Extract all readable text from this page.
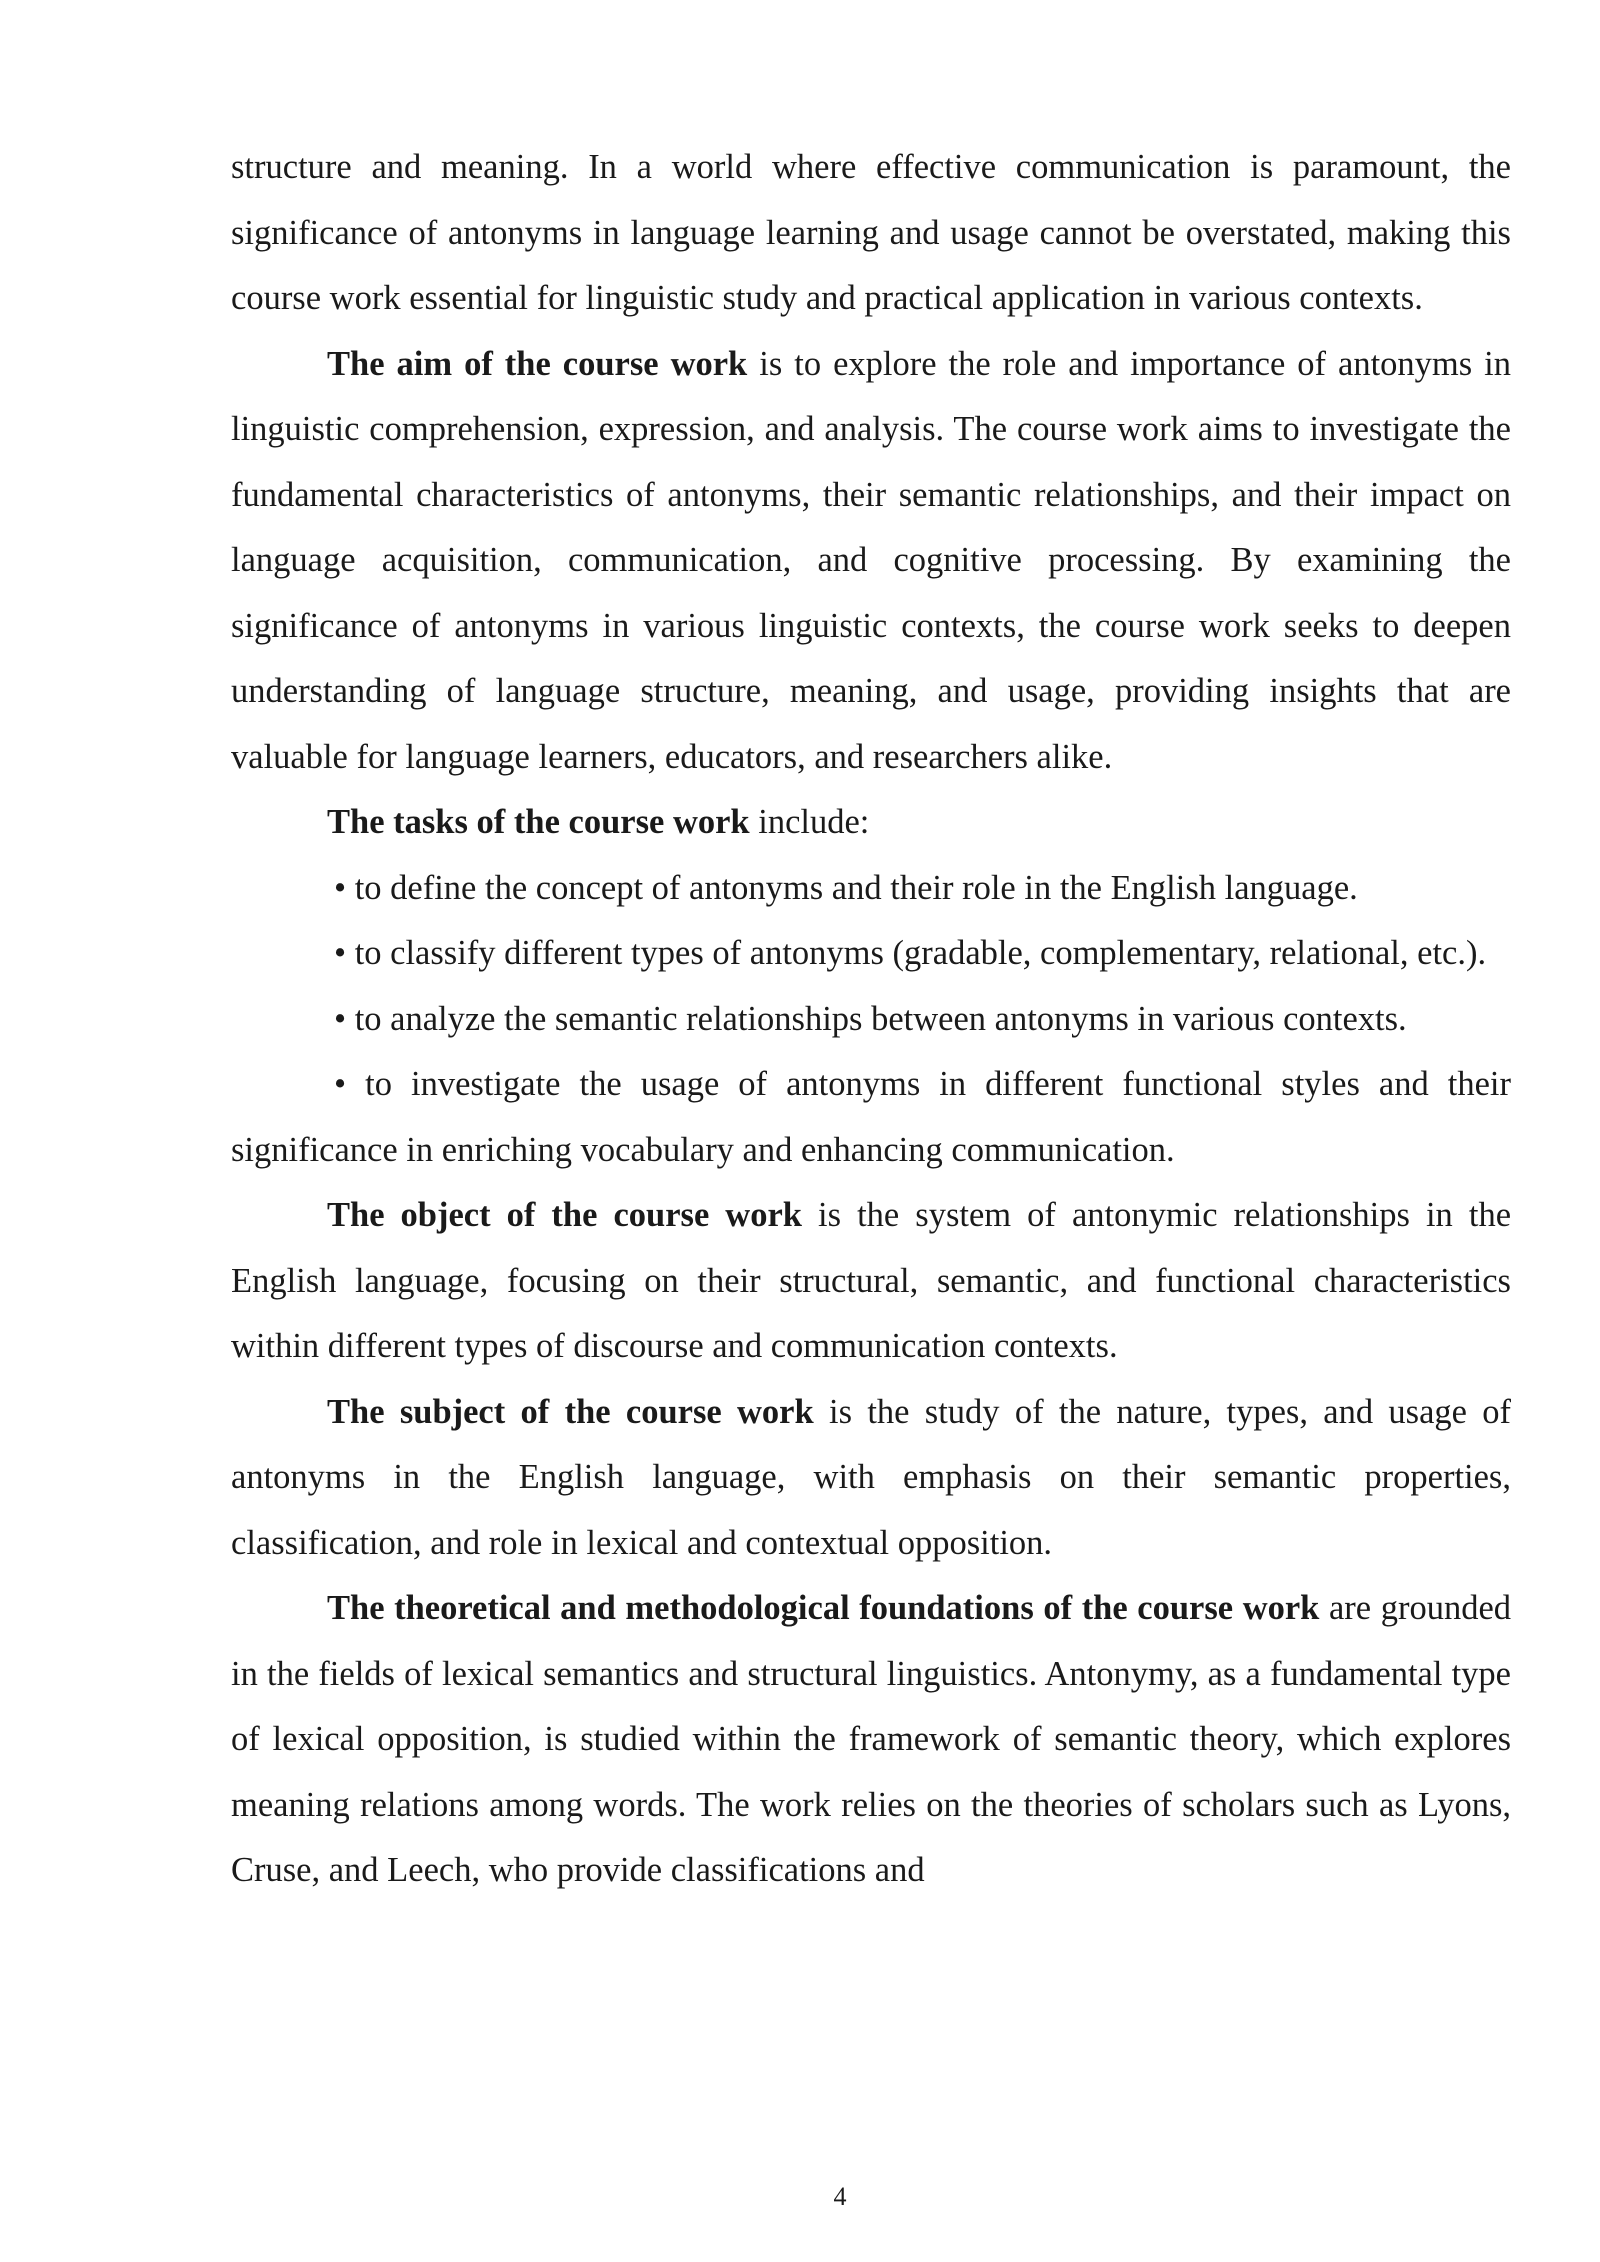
structure and meaning. In a world where effective communication is paramount, the significance of antonyms in language learning and usage cannot be overstated, making this course work essential for linguistic study and practical application in various contexts.

The aim of the course work is to explore the role and importance of antonyms in linguistic comprehension, expression, and analysis. The course work aims to investigate the fundamental characteristics of antonyms, their semantic relationships, and their impact on language acquisition, communication, and cognitive processing. By examining the significance of antonyms in various linguistic contexts, the course work seeks to deepen understanding of language structure, meaning, and usage, providing insights that are valuable for language learners, educators, and researchers alike.

The tasks of the course work include:

• to define the concept of antonyms and their role in the English language.

• to classify different types of antonyms (gradable, complementary, relational, etc.).

• to analyze the semantic relationships between antonyms in various contexts.

• to investigate the usage of antonyms in different functional styles and their significance in enriching vocabulary and enhancing communication.

The object of the course work is the system of antonymic relationships in the English language, focusing on their structural, semantic, and functional characteristics within different types of discourse and communication contexts.

The subject of the course work is the study of the nature, types, and usage of antonyms in the English language, with emphasis on their semantic properties, classification, and role in lexical and contextual opposition.

The theoretical and methodological foundations of the course work are grounded in the fields of lexical semantics and structural linguistics. Antonymy, as a fundamental type of lexical opposition, is studied within the framework of semantic theory, which explores meaning relations among words. The work relies on the theories of scholars such as Lyons, Cruse, and Leech, who provide classifications and

4
